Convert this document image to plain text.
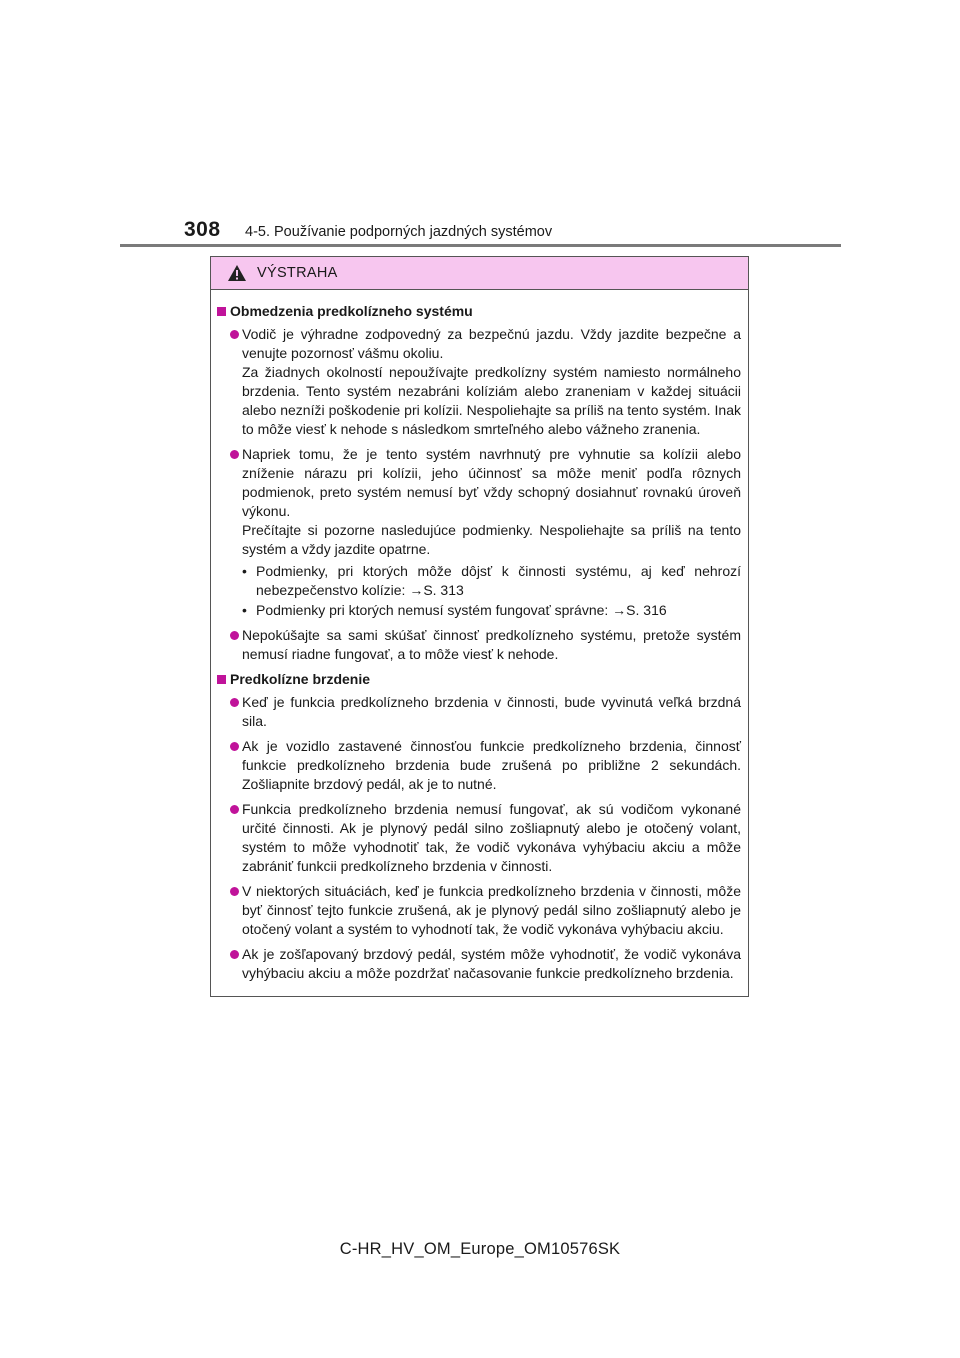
308 4-5. Používanie podporných jazdných systémov
VÝSTRAHA
Obmedzenia predkolízneho systému
Vodič je výhradne zodpovedný za bezpečnú jazdu. Vždy jazdite bezpečne a venujte pozornosť vášmu okoliu.
Za žiadnych okolností nepoužívajte predkolízny systém namiesto normálneho brzdenia. Tento systém nezabráni kolíziám alebo zraneniam v každej situácii alebo nezníži poškodenie pri kolízii. Nespoliehajte sa príliš na tento systém. Inak to môže viesť k nehode s následkom smrteľného alebo vážneho zranenia.
Napriek tomu, že je tento systém navrhnutý pre vyhnutie sa kolízii alebo zníženie nárazu pri kolízii, jeho účinnosť sa môže meniť podľa rôznych podmienok, preto systém nemusí byť vždy schopný dosiahnuť rovnakú úroveň výkonu.
Prečítajte si pozorne nasledujúce podmienky. Nespoliehajte sa príliš na tento systém a vždy jazdite opatrne.
• Podmienky, pri ktorých môže dôjsť k činnosti systému, aj keď nehrozí nebezpečenstvo kolízie: →S. 313
• Podmienky pri ktorých nemusí systém fungovať správne: →S. 316
Nepokúšajte sa sami skúšať činnosť predkolízneho systému, pretože systém nemusí riadne fungovať, a to môže viesť k nehode.
Predkolízne brzdenie
Keď je funkcia predkolízneho brzdenia v činnosti, bude vyvinutá veľká brzdná sila.
Ak je vozidlo zastavené činnosťou funkcie predkolízneho brzdenia, činnosť funkcie predkolízneho brzdenia bude zrušená po približne 2 sekundách. Zošliapnite brzdový pedál, ak je to nutné.
Funkcia predkolízneho brzdenia nemusí fungovať, ak sú vodičom vykonané určité činnosti. Ak je plynový pedál silno zošliapnutý alebo je otočený volant, systém to môže vyhodnotiť tak, že vodič vykonáva vyhýbaciu akciu a môže zabrániť funkcii predkolízneho brzdenia v činnosti.
V niektorých situáciách, keď je funkcia predkolízneho brzdenia v činnosti, môže byť činnosť tejto funkcie zrušená, ak je plynový pedál silno zošliapnutý alebo je otočený volant a systém to vyhodnotí tak, že vodič vykonáva vyhýbaciu akciu.
Ak je zošľapovaný brzdový pedál, systém môže vyhodnotiť, že vodič vykonáva vyhýbaciu akciu a môže pozdržať načasovanie funkcie predkolízneho brzdenia.
C-HR_HV_OM_Europe_OM10576SK
